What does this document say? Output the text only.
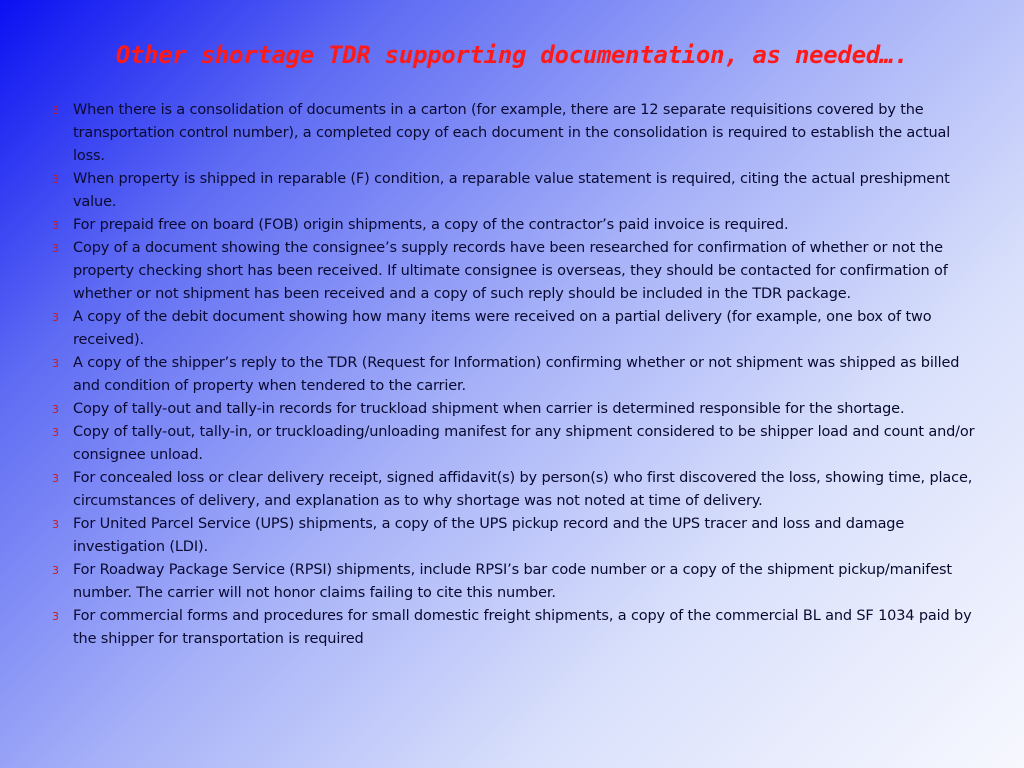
Other shortage TDR supporting documentation, as needed….
3 When there is a consolidation of documents in a carton (for example, there are 12 separate requisitions covered by the transportation control number), a completed copy of each document in the consolidation is required to establish the actual loss.
3 When property is shipped in reparable (F) condition, a reparable value statement is required, citing the actual preshipment value.
3 For prepaid free on board (FOB) origin shipments, a copy of the contractor’s paid invoice is required.
3 Copy of a document showing the consignee’s supply records have been researched for confirmation of whether or not the property checking short has been received. If ultimate consignee is overseas, they should be contacted for confirmation of whether or not shipment has been received and a copy of such reply should be included in the TDR package.
3 A copy of the debit document showing how many items were received on a partial delivery (for example, one box of two received).
3 A copy of the shipper’s reply to the TDR (Request for Information) confirming whether or not shipment was shipped as billed and condition of property when tendered to the carrier.
3 Copy of tally-out and tally-in records for truckload shipment when carrier is determined responsible for the shortage.
3 Copy of tally-out, tally-in, or truckloading/unloading manifest for any shipment considered to be shipper load and count and/or consignee unload.
3 For concealed loss or clear delivery receipt, signed affidavit(s) by person(s) who first discovered the loss, showing time, place, circumstances of delivery, and explanation as to why shortage was not noted at time of delivery.
3 For United Parcel Service (UPS) shipments, a copy of the UPS pickup record and the UPS tracer and loss and damage investigation (LDI).
3 For Roadway Package Service (RPSI) shipments, include RPSI’s bar code number or a copy of the shipment pickup/manifest number. The carrier will not honor claims failing to cite this number.
3 For commercial forms and procedures for small domestic freight shipments, a copy of the commercial BL and SF 1034 paid by the shipper for transportation is required
